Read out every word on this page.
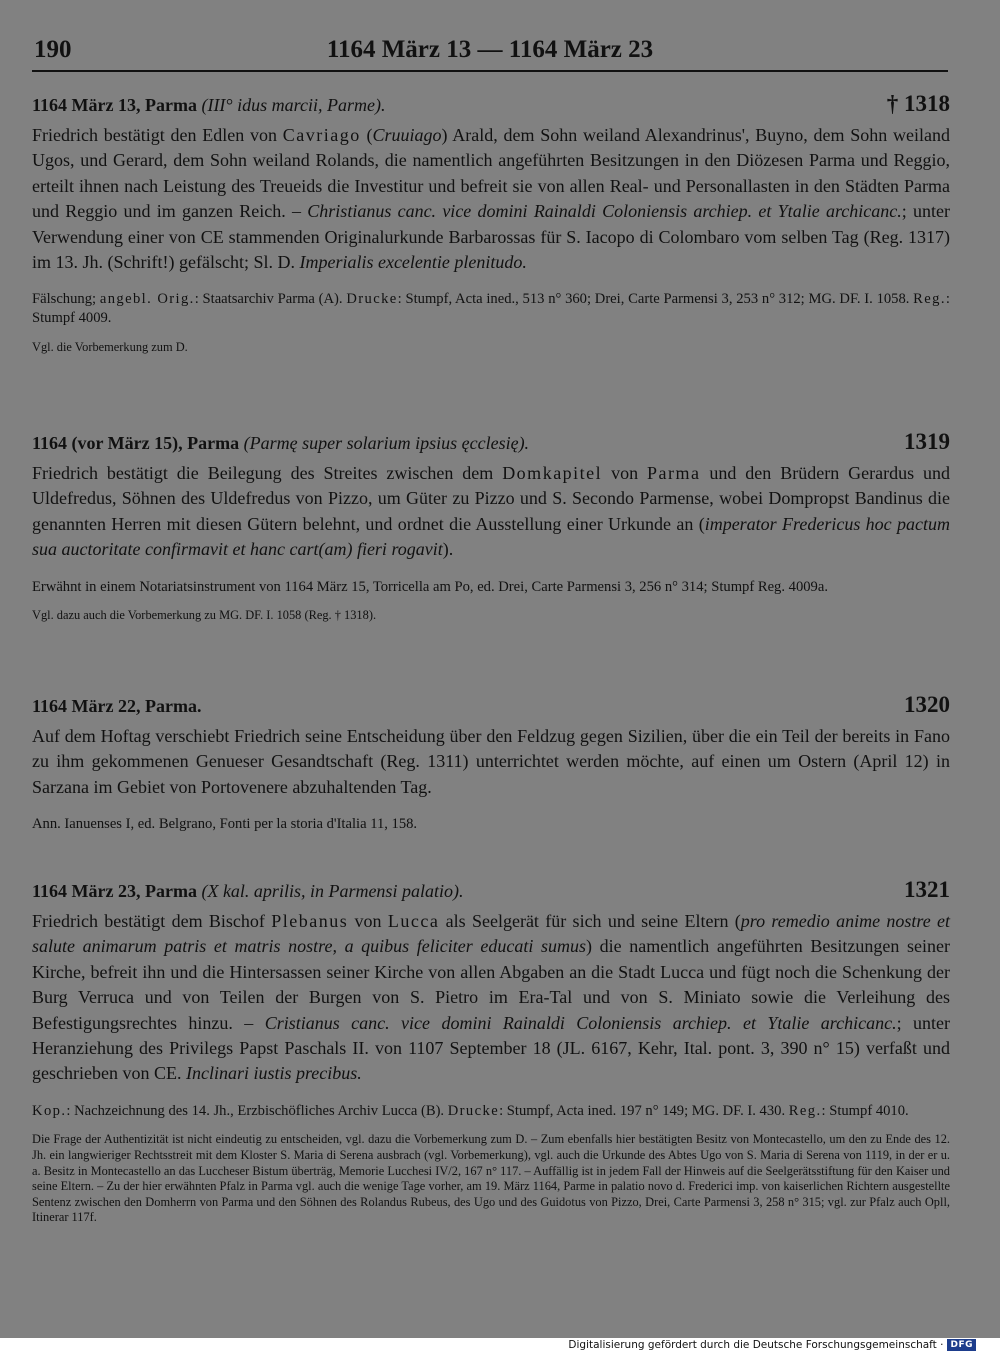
190	1164 März 13 — 1164 März 23
1164 März 13, Parma (III° idus marcii, Parme).	† 1318

Friedrich bestätigt den Edlen von Cavriago (Cruuiago) Arald, dem Sohn weiland Alexandrinus', Buyno, dem Sohn weiland Ugos, und Gerard, dem Sohn weiland Rolands, die namentlich angeführten Besitzungen in den Diözesen Parma und Reggio, erteilt ihnen nach Leistung des Treueids die Investitur und befreit sie von allen Real- und Personallasten in den Städten Parma und Reggio und im ganzen Reich. – Christianus canc. vice domini Rainaldi Coloniensis archiep. et Ytalie archicanc.; unter Verwendung einer von CE stammenden Originalurkunde Barbarossas für S. Iacopo di Colombaro vom selben Tag (Reg. 1317) im 13. Jh. (Schrift!) gefälscht; Sl. D. Imperialis excelentie plenitudo.

Fälschung; angebl. Orig.: Staatsarchiv Parma (A). Drucke: Stumpf, Acta ined., 513 n° 360; Drei, Carte Parmensi 3, 253 n° 312; MG. DF. I. 1058. Reg.: Stumpf 4009.
Vgl. die Vorbemerkung zum D.
1164 (vor März 15), Parma (Parmę super solarium ipsius ęcclesię).	1319

Friedrich bestätigt die Beilegung des Streites zwischen dem Domkapitel von Parma und den Brüdern Gerardus und Uldefredus, Söhnen des Uldefredus von Pizzo, um Güter zu Pizzo und S. Secondo Parmense, wobei Dompropst Bandinus die genannten Herren mit diesen Gütern belehnt, und ordnet die Ausstellung einer Urkunde an (imperator Fredericus hoc pactum sua auctoritate confirmavit et hanc cart(am) fieri rogavit).

Erwähnt in einem Notariatsinstrument von 1164 März 15, Torricella am Po, ed. Drei, Carte Parmensi 3, 256 n° 314; Stumpf Reg. 4009a.
Vgl. dazu auch die Vorbemerkung zu MG. DF. I. 1058 (Reg. † 1318).
1164 März 22, Parma.	1320

Auf dem Hoftag verschiebt Friedrich seine Entscheidung über den Feldzug gegen Sizilien, über die ein Teil der bereits in Fano zu ihm gekommenen Genueser Gesandtschaft (Reg. 1311) unterrichtet werden möchte, auf einen um Ostern (April 12) in Sarzana im Gebiet von Portovenere abzuhaltenden Tag.

Ann. Ianuenses I, ed. Belgrano, Fonti per la storia d'Italia 11, 158.
1164 März 23, Parma (X kal. aprilis, in Parmensi palatio).	1321

Friedrich bestätigt dem Bischof Plebanus von Lucca als Seelgerät für sich und seine Eltern (pro remedio anime nostre et salute animarum patris et matris nostre, a quibus feliciter educati sumus) die namentlich angeführten Besitzungen seiner Kirche, befreit ihn und die Hintersassen seiner Kirche von allen Abgaben an die Stadt Lucca und fügt noch die Schenkung der Burg Verruca und von Teilen der Burgen von S. Pietro im Era-Tal und von S. Miniato sowie die Verleihung des Befestigungsrechtes hinzu. – Cristianus canc. vice domini Rainaldi Coloniensis archiep. et Ytalie archicanc.; unter Heranziehung des Privilegs Papst Paschals II. von 1107 September 18 (JL. 6167, Kehr, Ital. pont. 3, 390 n° 15) verfaßt und geschrieben von CE. Inclinari iustis precibus.

Kop.: Nachzeichnung des 14. Jh., Erzbischöfliches Archiv Lucca (B). Drucke: Stumpf, Acta ined. 197 n° 149; MG. DF. I. 430. Reg.: Stumpf 4010.
Die Frage der Authentizität ist nicht eindeutig zu entscheiden, vgl. dazu die Vorbemerkung zum D. – Zum ebenfalls hier bestätigten Besitz von Montecastello, um den zu Ende des 12. Jh. ein langwieriger Rechtsstreit mit dem Kloster S. Maria di Serena ausbrach (vgl. Vorbemerkung), vgl. auch die Urkunde des Abtes Ugo von S. Maria di Serena von 1119, in der er u. a. Besitz in Montecastello an das Luccheser Bistum überträg, Memorie Lucchesi IV/2, 167 n° 117. – Auffällig ist in jedem Fall der Hinweis auf die Seelgerätsstiftung für den Kaiser und seine Eltern. – Zu der hier erwähnten Pfalz in Parma vgl. auch die wenige Tage vorher, am 19. März 1164, Parme in palatio novo d. Frederici imp. von kaiserlichen Richtern ausgestellte Sentenz zwischen den Domherrn von Parma und den Söhnen des Rolandus Rubeus, des Ugo und des Guidotus von Pizzo, Drei, Carte Parmensi 3, 258 n° 315; vgl. zur Pfalz auch Opll, Itinerar 117f.
Digitalisierung gefördert durch die Deutsche Forschungsgemeinschaft · DFG
